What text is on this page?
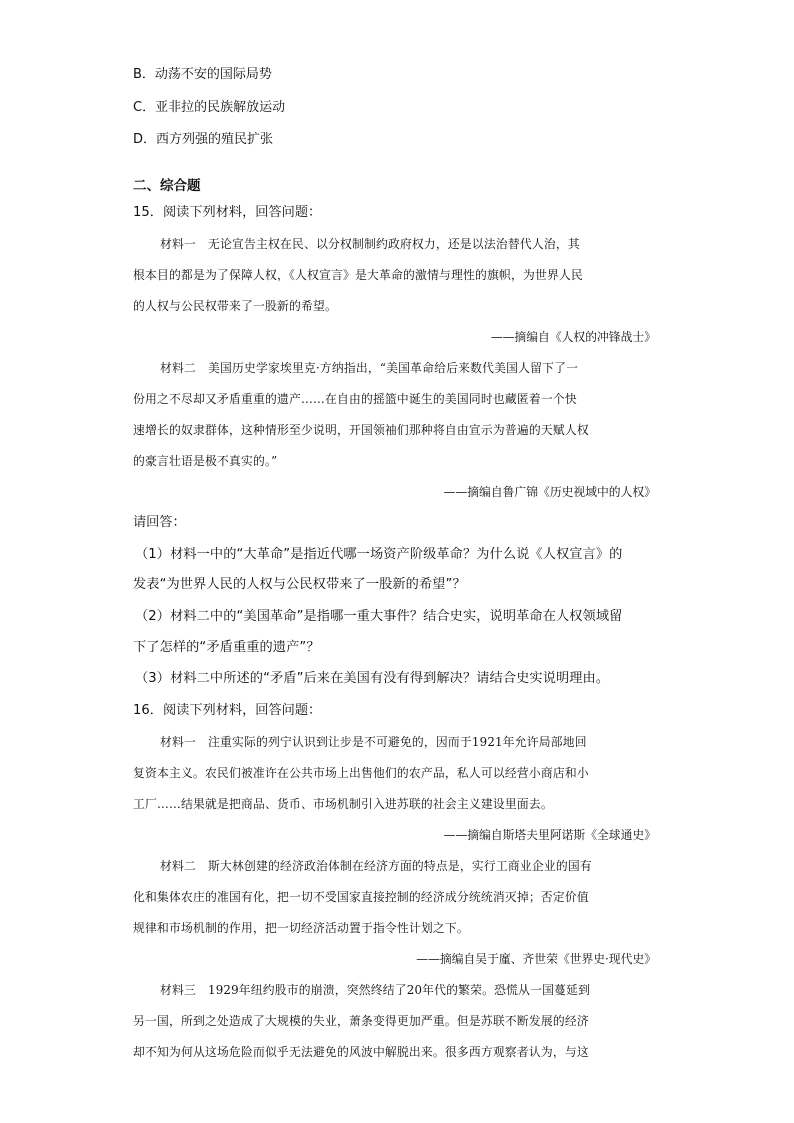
B．动荡不安的国际局势
C．亚非拉的民族解放运动
D．西方列强的殖民扩张
二、综合题
15．阅读下列材料，回答问题：
材料一　无论宣告主权在民、以分权制制约政府权力，还是以法治替代人治，其
根本目的都是为了保障人权，《人权宣言》是大革命的激情与理性的旗帜，为世界人民
的人权与公民权带来了一股新的希望。
——摘编自《人权的冲锋战士》
材料二　美国历史学家埃里克·方纳指出，“美国革命给后来数代美国人留下了一
份用之不尽却又矛盾重重的遗产……在自由的摇篮中诞生的美国同时也藏匿着一个快
速增长的奴隶群体，这种情形至少说明，开国领袖们那种将自由宣示为普遍的天赋人权
的豪言壮语是极不真实的。”
——摘编自鲁广锦《历史视域中的人权》
请回答：
（1）材料一中的“大革命”是指近代哪一场资产阶级革命？为什么说《人权宣言》的
发表“为世界人民的人权与公民权带来了一股新的希望”？
（2）材料二中的“美国革命”是指哪一重大事件？结合史实，说明革命在人权领域留
下了怎样的“矛盾重重的遗产”？
（3）材料二中所述的“矛盾”后来在美国有没有得到解决？请结合史实说明理由。
16．阅读下列材料，回答问题：
材料一　注重实际的列宁认识到让步是不可避免的，因而于1921年允许局部地回
复资本主义。农民们被准许在公共市场上出售他们的农产品，私人可以经营小商店和小
工厂……结果就是把商品、货币、市场机制引入进苏联的社会主义建设里面去。
——摘编自斯塔夫里阿诺斯《全球通史》
材料二　斯大林创建的经济政治体制在经济方面的特点是，实行工商业企业的国有
化和集体农庄的准国有化，把一切不受国家直接控制的经济成分统统消灭掉；否定价值
规律和市场机制的作用，把一切经济活动置于指令性计划之下。
——摘编自吴于廑、齐世荣《世界史·现代史》
材料三　1929年纽约股市的崩溃，突然终结了20年代的繁荣。恐慌从一国蔓延到
另一国，所到之处造成了大规模的失业，萧条变得更加严重。但是苏联不断发展的经济
却不知为何从这场危险而似乎无法避免的风波中解脱出来。很多西方观察者认为，与这
